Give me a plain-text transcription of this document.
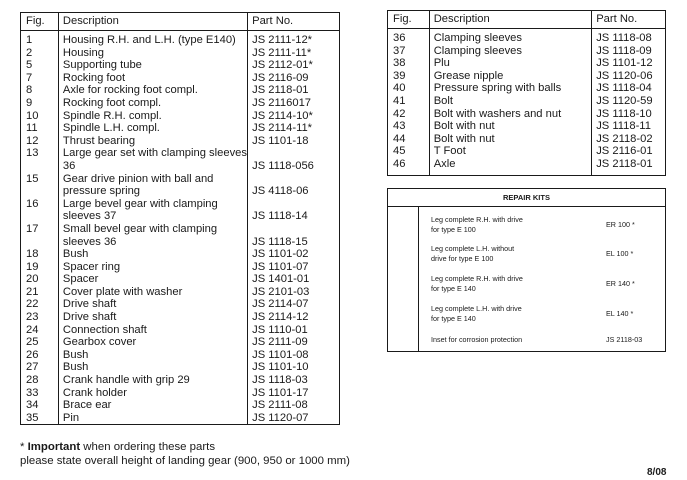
Fig.	Description	Part No.
1	Housing R.H. and L.H. (type E140)	JS 2111-12*
2	Housing	JS 2111-11*
5	Supporting tube	JS 2112-01*
7	Rocking foot	JS 2116-09
8	Axle for rocking foot compl.	JS 2118-01
9	Rocking foot compl.	JS 2116017
10	Spindle R.H. compl.	JS 2114-10*
11	Spindle L.H. compl.	JS 2114-11*
12	Thrust bearing	JS 1101-18
13	Large gear set with clamping sleeves 36	JS 1118-056
15	Gear drive pinion with ball and pressure spring	JS 4118-06
16	Large bevel gear with clamping sleeves 37	JS 1118-14
17	Small bevel gear with clamping sleeves 36	JS 1118-15
18	Bush	JS 1101-02
19	Spacer ring	JS 1101-07
20	Spacer	JS 1401-01
21	Cover plate with washer	JS 2101-03
22	Drive shaft	JS 2114-07
23	Drive shaft	JS 2114-12
24	Connection shaft	JS 1110-01
25	Gearbox cover	JS 2111-09
26	Bush	JS 1101-08
27	Bush	JS 1101-10
28	Crank handle with grip 29	JS 1118-03
33	Crank holder	JS 1101-17
34	Brace ear	JS 2111-08
35	Pin	JS 1120-07
Fig.	Description	Part No.
36	Clamping sleeves	JS 1118-08
37	Clamping sleeves	JS 1118-09
38	Plu	JS 1101-12
39	Grease nipple	JS 1120-06
40	Pressure spring with balls	JS 1118-04
41	Bolt	JS 1120-59
42	Bolt with washers and nut	JS 1118-10
43	Bolt with nut	JS 1118-11
44	Bolt with nut	JS 2118-02
45	T Foot	JS 2116-01
46	Axle	JS 2118-01
REPAIR KITS
Leg complete R.H. with drive
for type E 100	ER 100 *
Leg complete L.H. without
drive for type E 100	EL 100 *
Leg complete R.H. with drive
for type E 140	ER 140 *
Leg complete L.H. with drive
for type E 140	EL 140 *
Inset for corrosion protection	JS 2118-03
* Important when ordering these parts
please state overall height of landing gear (900, 950 or 1000 mm)
8/08
